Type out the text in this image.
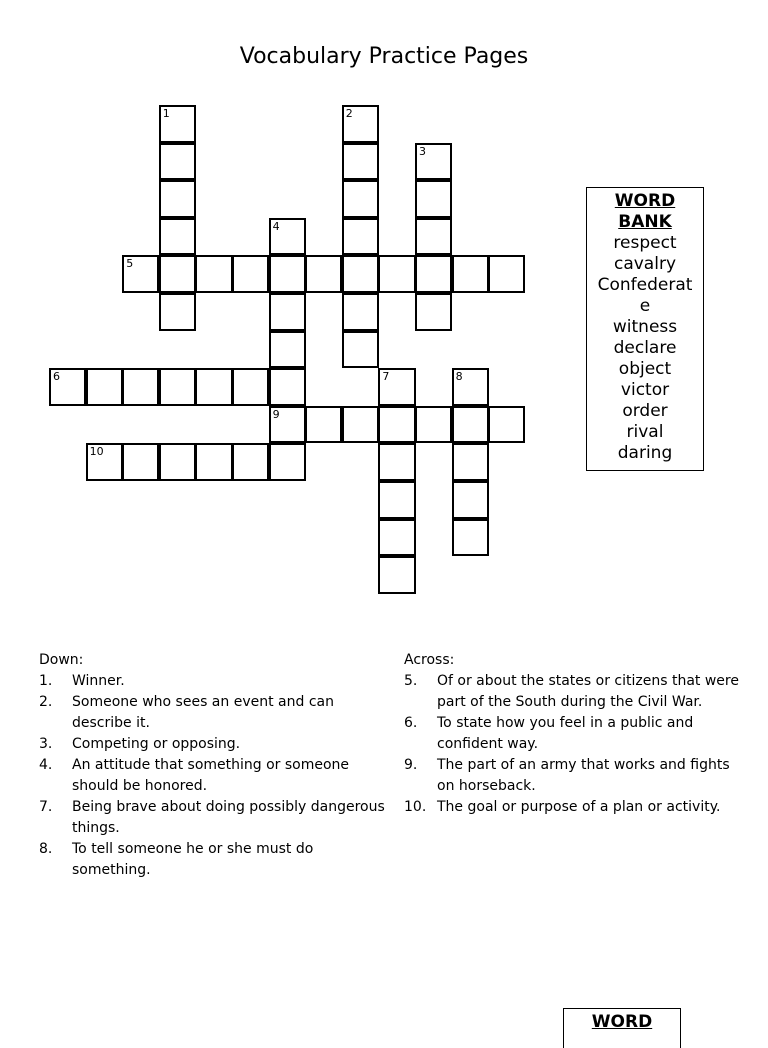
Vocabulary Practice Pages
1	2
3
4
5
6	7	8
9
10
WORD
BANK
respect
cavalry
Confederat e
witness
declare
object
victor
order
rival
daring
Down:
1. Winner.
2. Someone who sees an event and can describe it.
3. Competing or opposing.
4. An attitude that something or someone should be honored.
7. Being brave about doing possibly dangerous things.
8. To tell someone he or she must do something.
Across:
5. Of or about the states or citizens that were part of the South during the Civil War.
6. To state how you feel in a public and confident way.
9. The part of an army that works and fights on horseback.
10. The goal or purpose of a plan or activity.
WORD
